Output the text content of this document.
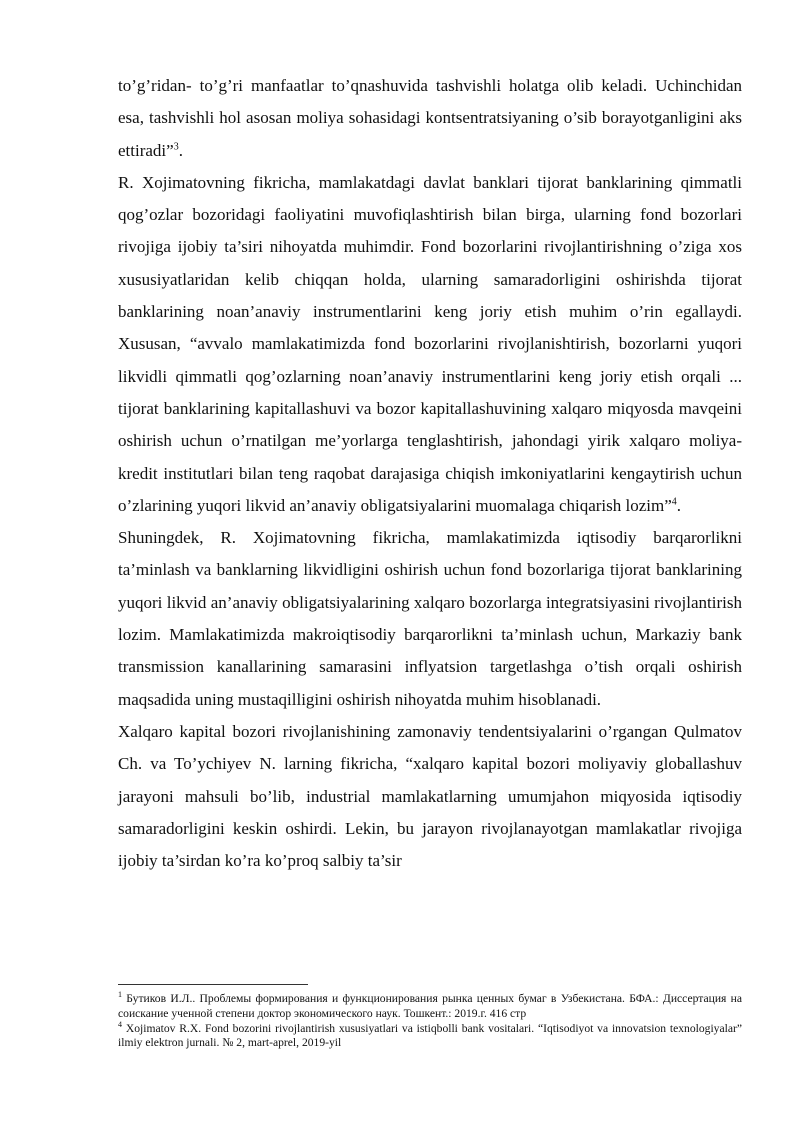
to’g’ridan- to’g’ri manfaatlar to’qnashuvida tashvishli holatga olib keladi. Uchinchidan esa, tashvishli hol asosan moliya sohasidagi kontsentratsiyaning o’sib borayotganligini aks ettiradi”$^3$.

R. Xojimatovning fikricha, mamlakatdagi davlat banklari tijorat banklarining qimmatli qog’ozlar bozoridagi faoliyatini muvofiqlashtirish bilan birga, ularning fond bozorlari rivojiga ijobiy ta’siri nihoyatda muhimdir. Fond bozorlarini rivojlantirishning o’ziga xos xususiyatlaridan kelib chiqqan holda, ularning samaradorligini oshirishda tijorat banklarining noan’anaviy instrumentlarini keng joriy etish muhim o’rin egallaydi. Xususan, “avvalo mamlakatimizda fond bozorlarini rivojlanishtirish, bozorlarni yuqori likvidli qimmatli qog’ozlarning noan’anaviy instrumentlarini keng joriy etish orqali ... tijorat banklarining kapitallashuvi va bozor kapitallashuvining xalqaro miqyosda mavqeini oshirish uchun o’rnatilgan me’yorlarga tenglashtirish, jahondagi yirik xalqaro moliya-kredit institutlari bilan teng raqobat darajasiga chiqish imkoniyatlarini kengaytirish uchun o’zlarining yuqori likvid an’anaviy obligatsiyalarini muomalaga chiqarish lozim”$^4$.

Shuningdek, R. Xojimatovning fikricha, mamlakatimizda iqtisodiy barqarorlikni ta’minlash va banklarning likvidligini oshirish uchun fond bozorlariga tijorat banklarining yuqori likvid an’anaviy obligatsiyalarining xalqaro bozorlarga integratsiyasini rivojlantirish lozim. Mamlakatimizda makroiqtisodiy barqarorlikni ta’minlash uchun, Markaziy bank transmission kanallarining samarasini inflyatsion targetlashga o’tish orqali oshirish maqsadida uning mustaqilligini oshirish nihoyatda muhim hisoblanadi.

Xalqaro kapital bozori rivojlanishining zamonaviy tendentsiyalarini o’rgangan Qulmatov Ch. va To’ychiyev N. larning fikricha, “xalqaro kapital bozori moliyaviy globallashuv jarayoni mahsuli bo’lib, industrial mamlakatlarning umumjahon miqyosida iqtisodiy samaradorligini keskin oshirdi. Lekin, bu jarayon rivojlanayotgan mamlakatlar rivojiga ijobiy ta’sirdan ko’ra ko’proq salbiy ta’sir

$^1$ Бутиков И.Л.. Проблемы формирования и функционирования рынка ценных бумаг в Узбекистана. БФА.: Диссертация на соискание ученной степени доктор экономического наук. Тошкент.: 2019.г. 416 стр

$^4$ Xojimatov R.X. Fond bozorini rivojlantirish xususiyatlari va istiqbolli bank vositalari. “Iqtisodiyot va innovatsion texnologiyalar” ilmiy elektron jurnali. № 2, mart-aprel, 2019-yil
